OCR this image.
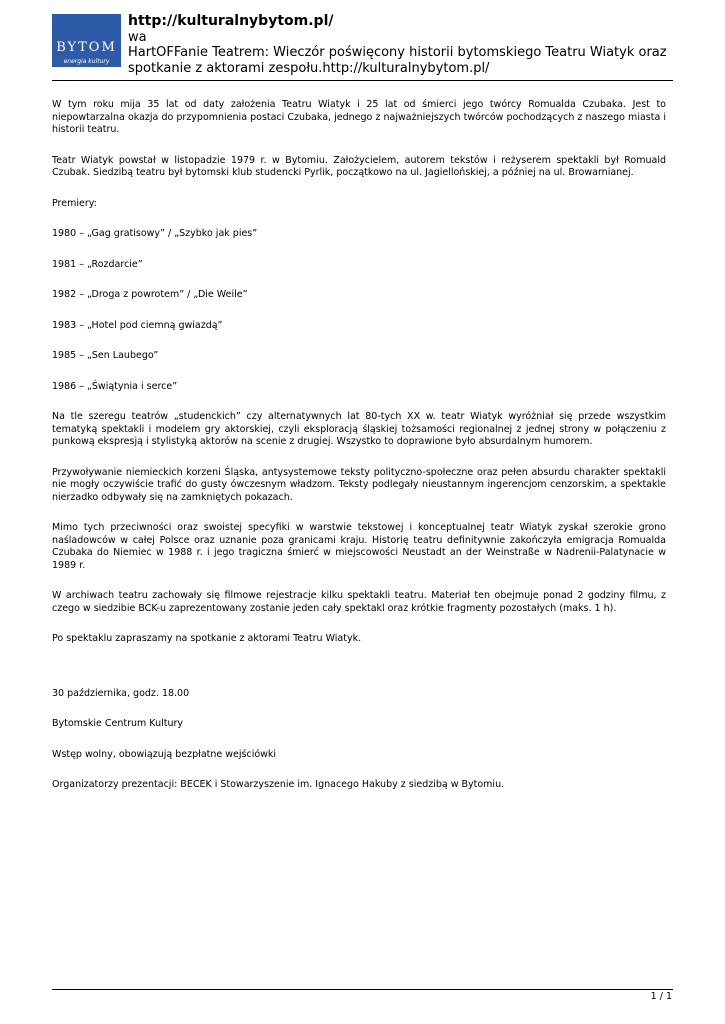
BYTOM
energia kultury
http://kulturalnybytom.pl/
wa
HartOFFanie Teatrem: Wieczór poświęcony historii bytomskiego Teatru Wiatyk oraz spotkanie z aktorami zespołu.http://kulturalnybytom.pl/

W tym roku mija 35 lat od daty założenia Teatru Wiatyk i 25 lat od śmierci jego twórcy Romualda Czubaka. Jest to niepowtarzalna okazja do przypomnienia postaci Czubaka, jednego z najważniejszych twórców pochodzących z naszego miasta i historii teatru.

Teatr Wiatyk powstał w listopadzie 1979 r. w Bytomiu. Założycielem, autorem tekstów i reżyserem spektakli był Romuald Czubak. Siedzibą teatru był bytomski klub studencki Pyrlik, początkowo na ul. Jagiellońskiej, a później na ul. Browarnianej.

Premiery:

1980 – „Gag gratisowy” / „Szybko jak pies”

1981 – „Rozdarcie”

1982 – „Droga z powrotem” / „Die Weile”

1983 – „Hotel pod ciemną gwiazdą”

1985 – „Sen Laubego”

1986 – „Świątynia i serce”

Na tle szeregu teatrów „studenckich” czy alternatywnych lat 80-tych XX w. teatr Wiatyk wyróżniał się przede wszystkim tematyką spektakli i modelem gry aktorskiej, czyli eksploracją śląskiej tożsamości regionalnej z jednej strony w połączeniu z punkową ekspresją i stylistyką aktorów na scenie z drugiej. Wszystko to doprawione było absurdalnym humorem.

Przywoływanie niemieckich korzeni Śląska, antysystemowe teksty polityczno-społeczne oraz pełen absurdu charakter spektakli nie mogły oczywiście trafić do gusty ówczesnym władzom. Teksty podlegały nieustannym ingerencjom cenzorskim, a spektakle nierzadko odbywały się na zamkniętych pokazach.

Mimo tych przeciwności oraz swoistej specyfiki w warstwie tekstowej i konceptualnej teatr Wiatyk zyskał szerokie grono naśladowców w całej Polsce oraz uznanie poza granicami kraju. Historię teatru definitywnie zakończyła emigracja Romualda Czubaka do Niemiec w 1988 r. i jego tragiczna śmierć w miejscowości Neustadt an der Weinstraße w Nadrenii-Palatynacie w 1989 r.

W archiwach teatru zachowały się filmowe rejestracje kilku spektakli teatru. Materiał ten obejmuje ponad 2 godziny filmu, z czego w siedzibie BCK-u zaprezentowany zostanie jeden cały spektakl oraz krótkie fragmenty pozostałych (maks. 1 h).

Po spektaklu zapraszamy na spotkanie z aktorami Teatru Wiatyk.

30 października, godz. 18.00

Bytomskie Centrum Kultury

Wstęp wolny, obowiązują bezpłatne wejściówki

Organizatorzy prezentacji: BECEK i Stowarzyszenie im. Ignacego Hakuby z siedzibą w Bytomiu.

1 / 1
